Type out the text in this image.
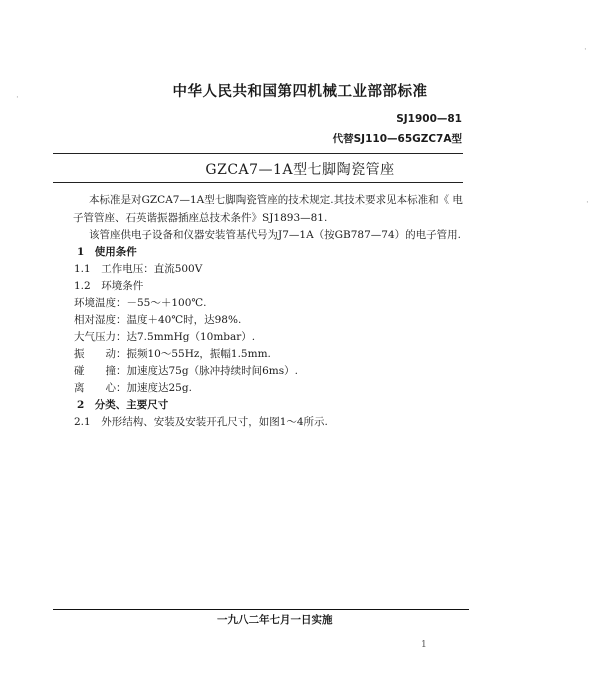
中华人民共和国第四机械工业部部标准
SJ1900—81
代替SJ110—65GZC7A型
GZCA7—1A型七脚陶瓷管座
本标准是对GZCA7—1A型七脚陶瓷管座的技术规定.其技术要求见本标准和《 电
子管管座、石英谐振器插座总技术条件》SJ1893—81.
该管座供电子设备和仪器安装管基代号为J7—1A（按GB787—74）的电子管用.
1　使用条件
1.1　工作电压：直流500V
1.2　环境条件
环境温度：－55～＋100℃.
相对湿度：温度＋40℃时，达98%.
大气压力：达7.5mmHg（10mbar）.
振　　动：振频10～55Hz，振幅1.5mm.
碰　　撞：加速度达75g（脉冲持续时间6ms）.
离　　心：加速度达25g.
2　分类、主要尺寸
2.1　外形结构、安装及安装开孔尺寸，如图1～4所示.
·
·
·
一九八二年七月一日实施
1
